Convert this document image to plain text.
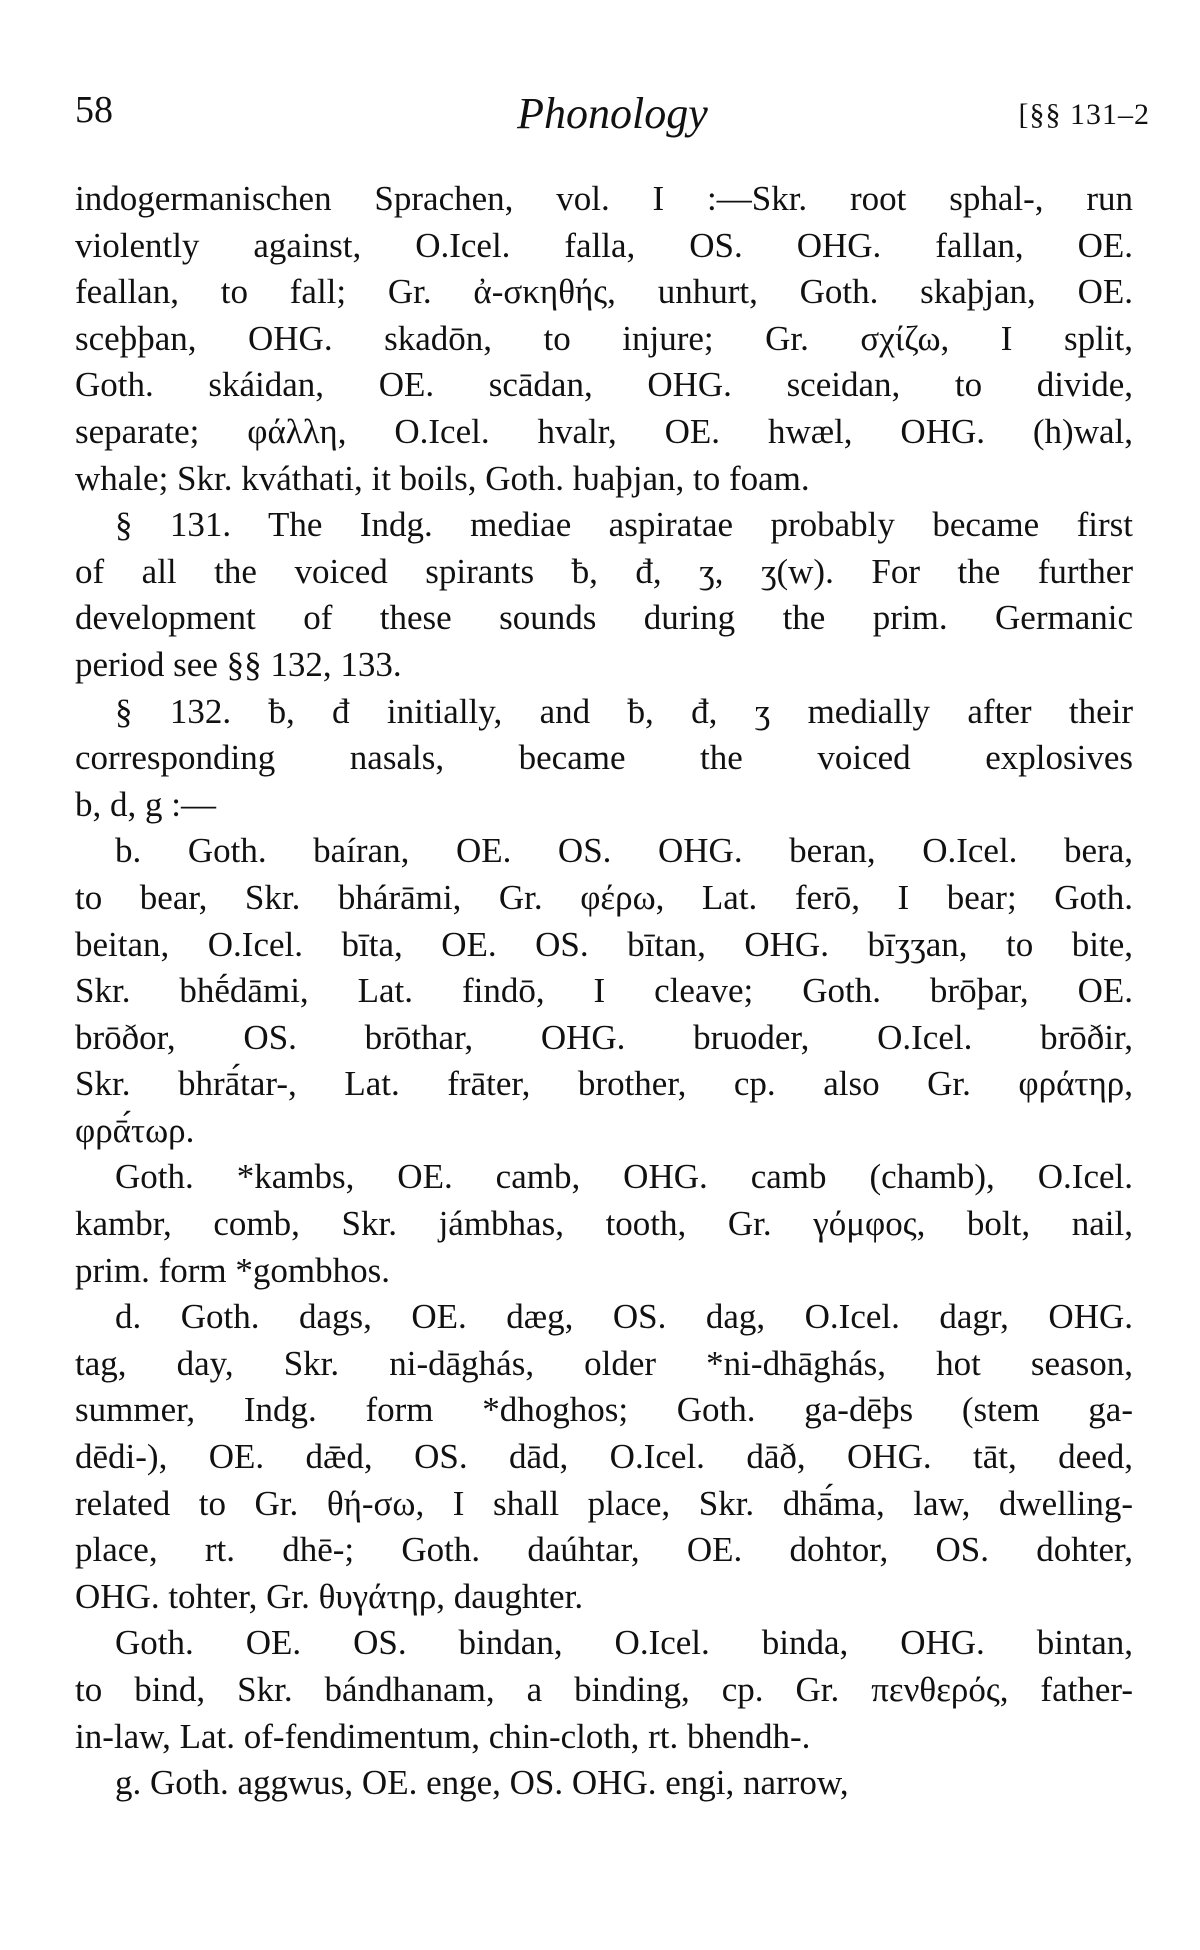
58	Phonology	[§§ 131–2
indogermanischen Sprachen, vol. I :—Skr. root sphal-, run
violently against, O.Icel. falla, OS. OHG. fallan, OE.
feallan, to fall; Gr. ἀ-σκηθής, unhurt, Goth. skaþjan, OE.
sceþþan, OHG. skadōn, to injure; Gr. σχίζω, I split,
Goth. skáidan, OE. scādan, OHG. sceidan, to divide,
separate; φάλλη, O.Icel. hvalr, OE. hwæl, OHG. (h)wal,
whale; Skr. kváthati, it boils, Goth. ƕaþjan, to foam.
§ 131. The Indg. mediae aspiratae probably became first
of all the voiced spirants ƀ, đ, ʒ, ʒ(w). For the further
development of these sounds during the prim. Germanic
period see §§ 132, 133.
§ 132. ƀ, đ initially, and ƀ, đ, ʒ medially after their
corresponding nasals, became the voiced explosives
b, d, g :—
b. Goth. baíran, OE. OS. OHG. beran, O.Icel. bera,
to bear, Skr. bhárāmi, Gr. φέρω, Lat. ferō, I bear; Goth.
beitan, O.Icel. bīta, OE. OS. bītan, OHG. bīʒʒan, to bite,
Skr. bhḗdāmi, Lat. findō, I cleave; Goth. brōþar, OE.
brōðor, OS. brōthar, OHG. bruoder, O.Icel. brōðir,
Skr. bhrā́tar-, Lat. frāter, brother, cp. also Gr. φράτηρ,
φρᾱ́τωρ.
Goth. *kambs, OE. camb, OHG. camb (chamb), O.Icel.
kambr, comb, Skr. jámbhas, tooth, Gr. γόμφος, bolt, nail,
prim. form *gombhos.
d. Goth. dags, OE. dæg, OS. dag, O.Icel. dagr, OHG.
tag, day, Skr. ni-dāghás, older *ni-dhāghás, hot season,
summer, Indg. form *dhoghos; Goth. ga-dēþs (stem ga-
dēdi-), OE. dǣd, OS. dād, O.Icel. dāð, OHG. tāt, deed,
related to Gr. θή-σω, I shall place, Skr. dhā́ma, law, dwelling-
place, rt. dhē-; Goth. daúhtar, OE. dohtor, OS. dohter,
OHG. tohter, Gr. θυγάτηρ, daughter.
Goth. OE. OS. bindan, O.Icel. binda, OHG. bintan,
to bind, Skr. bándhanam, a binding, cp. Gr. πενθερός, father-
in-law, Lat. of-fendimentum, chin-cloth, rt. bhendh-.
g. Goth. aggwus, OE. enge, OS. OHG. engi, narrow,
